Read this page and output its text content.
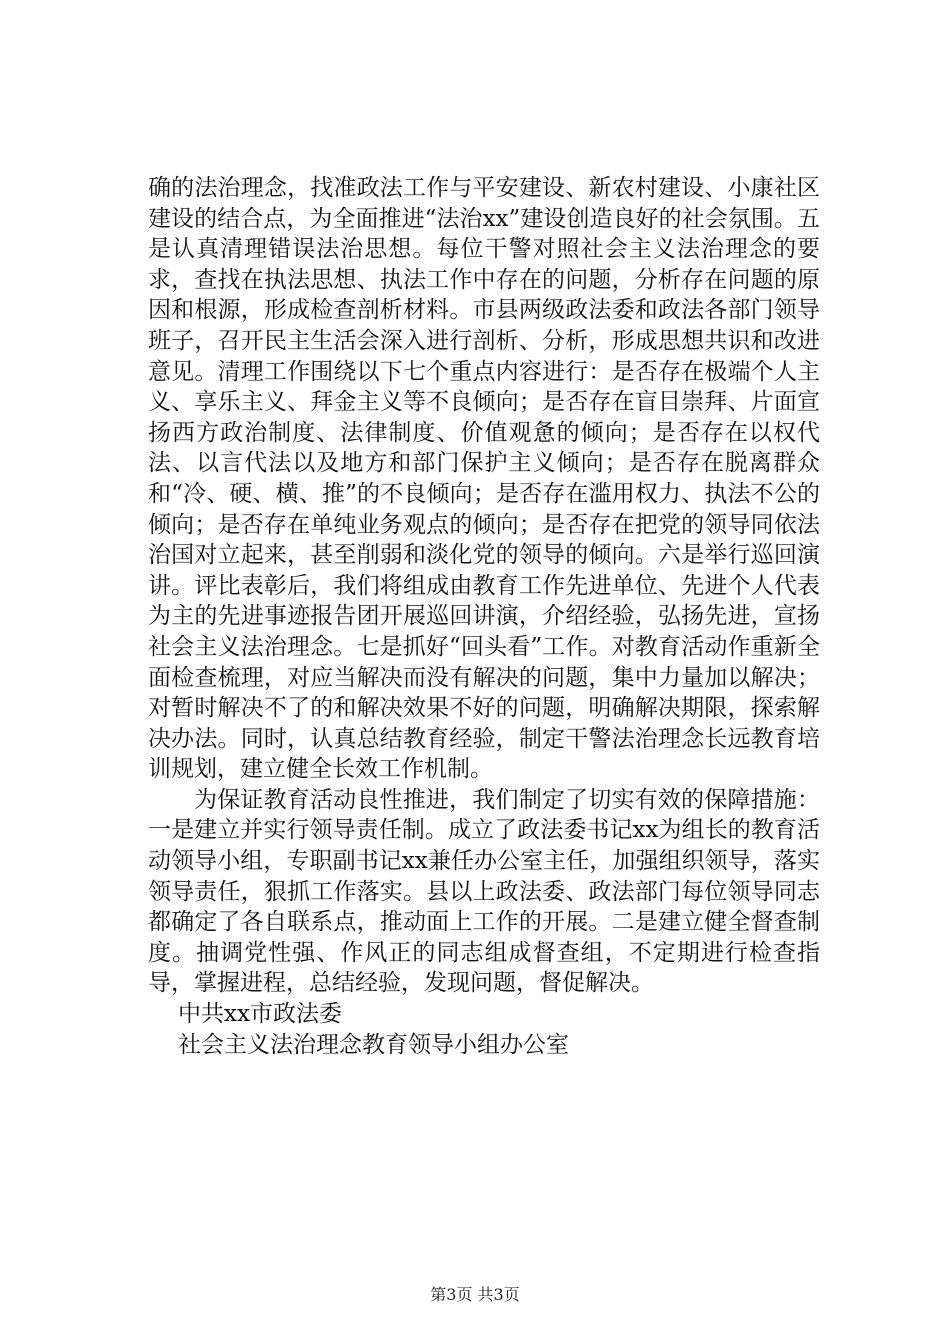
确的法治理念，找准政法工作与平安建设、新农村建设、小康社区建设的结合点，为全面推进“法治xx”建设创造良好的社会氛围。五是认真清理错误法治思想。每位干警对照社会主义法治理念的要求，查找在执法思想、执法工作中存在的问题，分析存在问题的原因和根源，形成检查剖析材料。市县两级政法委和政法各部门领导班子，召开民主生活会深入进行剖析、分析，形成思想共识和改进意见。清理工作围绕以下七个重点内容进行：是否存在极端个人主义、享乐主义、拜金主义等不良倾向；是否存在盲目崇拜、片面宣扬西方政治制度、法律制度、价值观惫的倾向；是否存在以权代法、以言代法以及地方和部门保护主义倾向；是否存在脱离群众和“冷、硬、横、推”的不良倾向；是否存在滥用权力、执法不公的倾向；是否存在单纯业务观点的倾向；是否存在把党的领导同依法治国对立起来，甚至削弱和淡化党的领导的倾向。六是举行巡回演讲。评比表彰后，我们将组成由教育工作先进单位、先进个人代表为主的先进事迹报告团开展巡回讲演，介绍经验，弘扬先进，宣扬社会主义法治理念。七是抓好“回头看”工作。对教育活动作重新全面检查梳理，对应当解决而没有解决的问题，集中力量加以解决；对暂时解决不了的和解决效果不好的问题，明确解决期限，探索解决办法。同时，认真总结教育经验，制定干警法治理念长远教育培训规划，建立健全长效工作机制。

为保证教育活动良性推进，我们制定了切实有效的保障措施：一是建立并实行领导责任制。成立了政法委书记xx为组长的教育活动领导小组，专职副书记xx兼任办公室主任，加强组织领导，落实领导责任，狠抓工作落实。县以上政法委、政法部门每位领导同志都确定了各自联系点，推动面上工作的开展。二是建立健全督查制度。抽调党性强、作风正的同志组成督查组，不定期进行检查指导，掌握进程，总结经验，发现问题，督促解决。

中共xx市政法委

社会主义法治理念教育领导小组办公室

第3页 共3页
